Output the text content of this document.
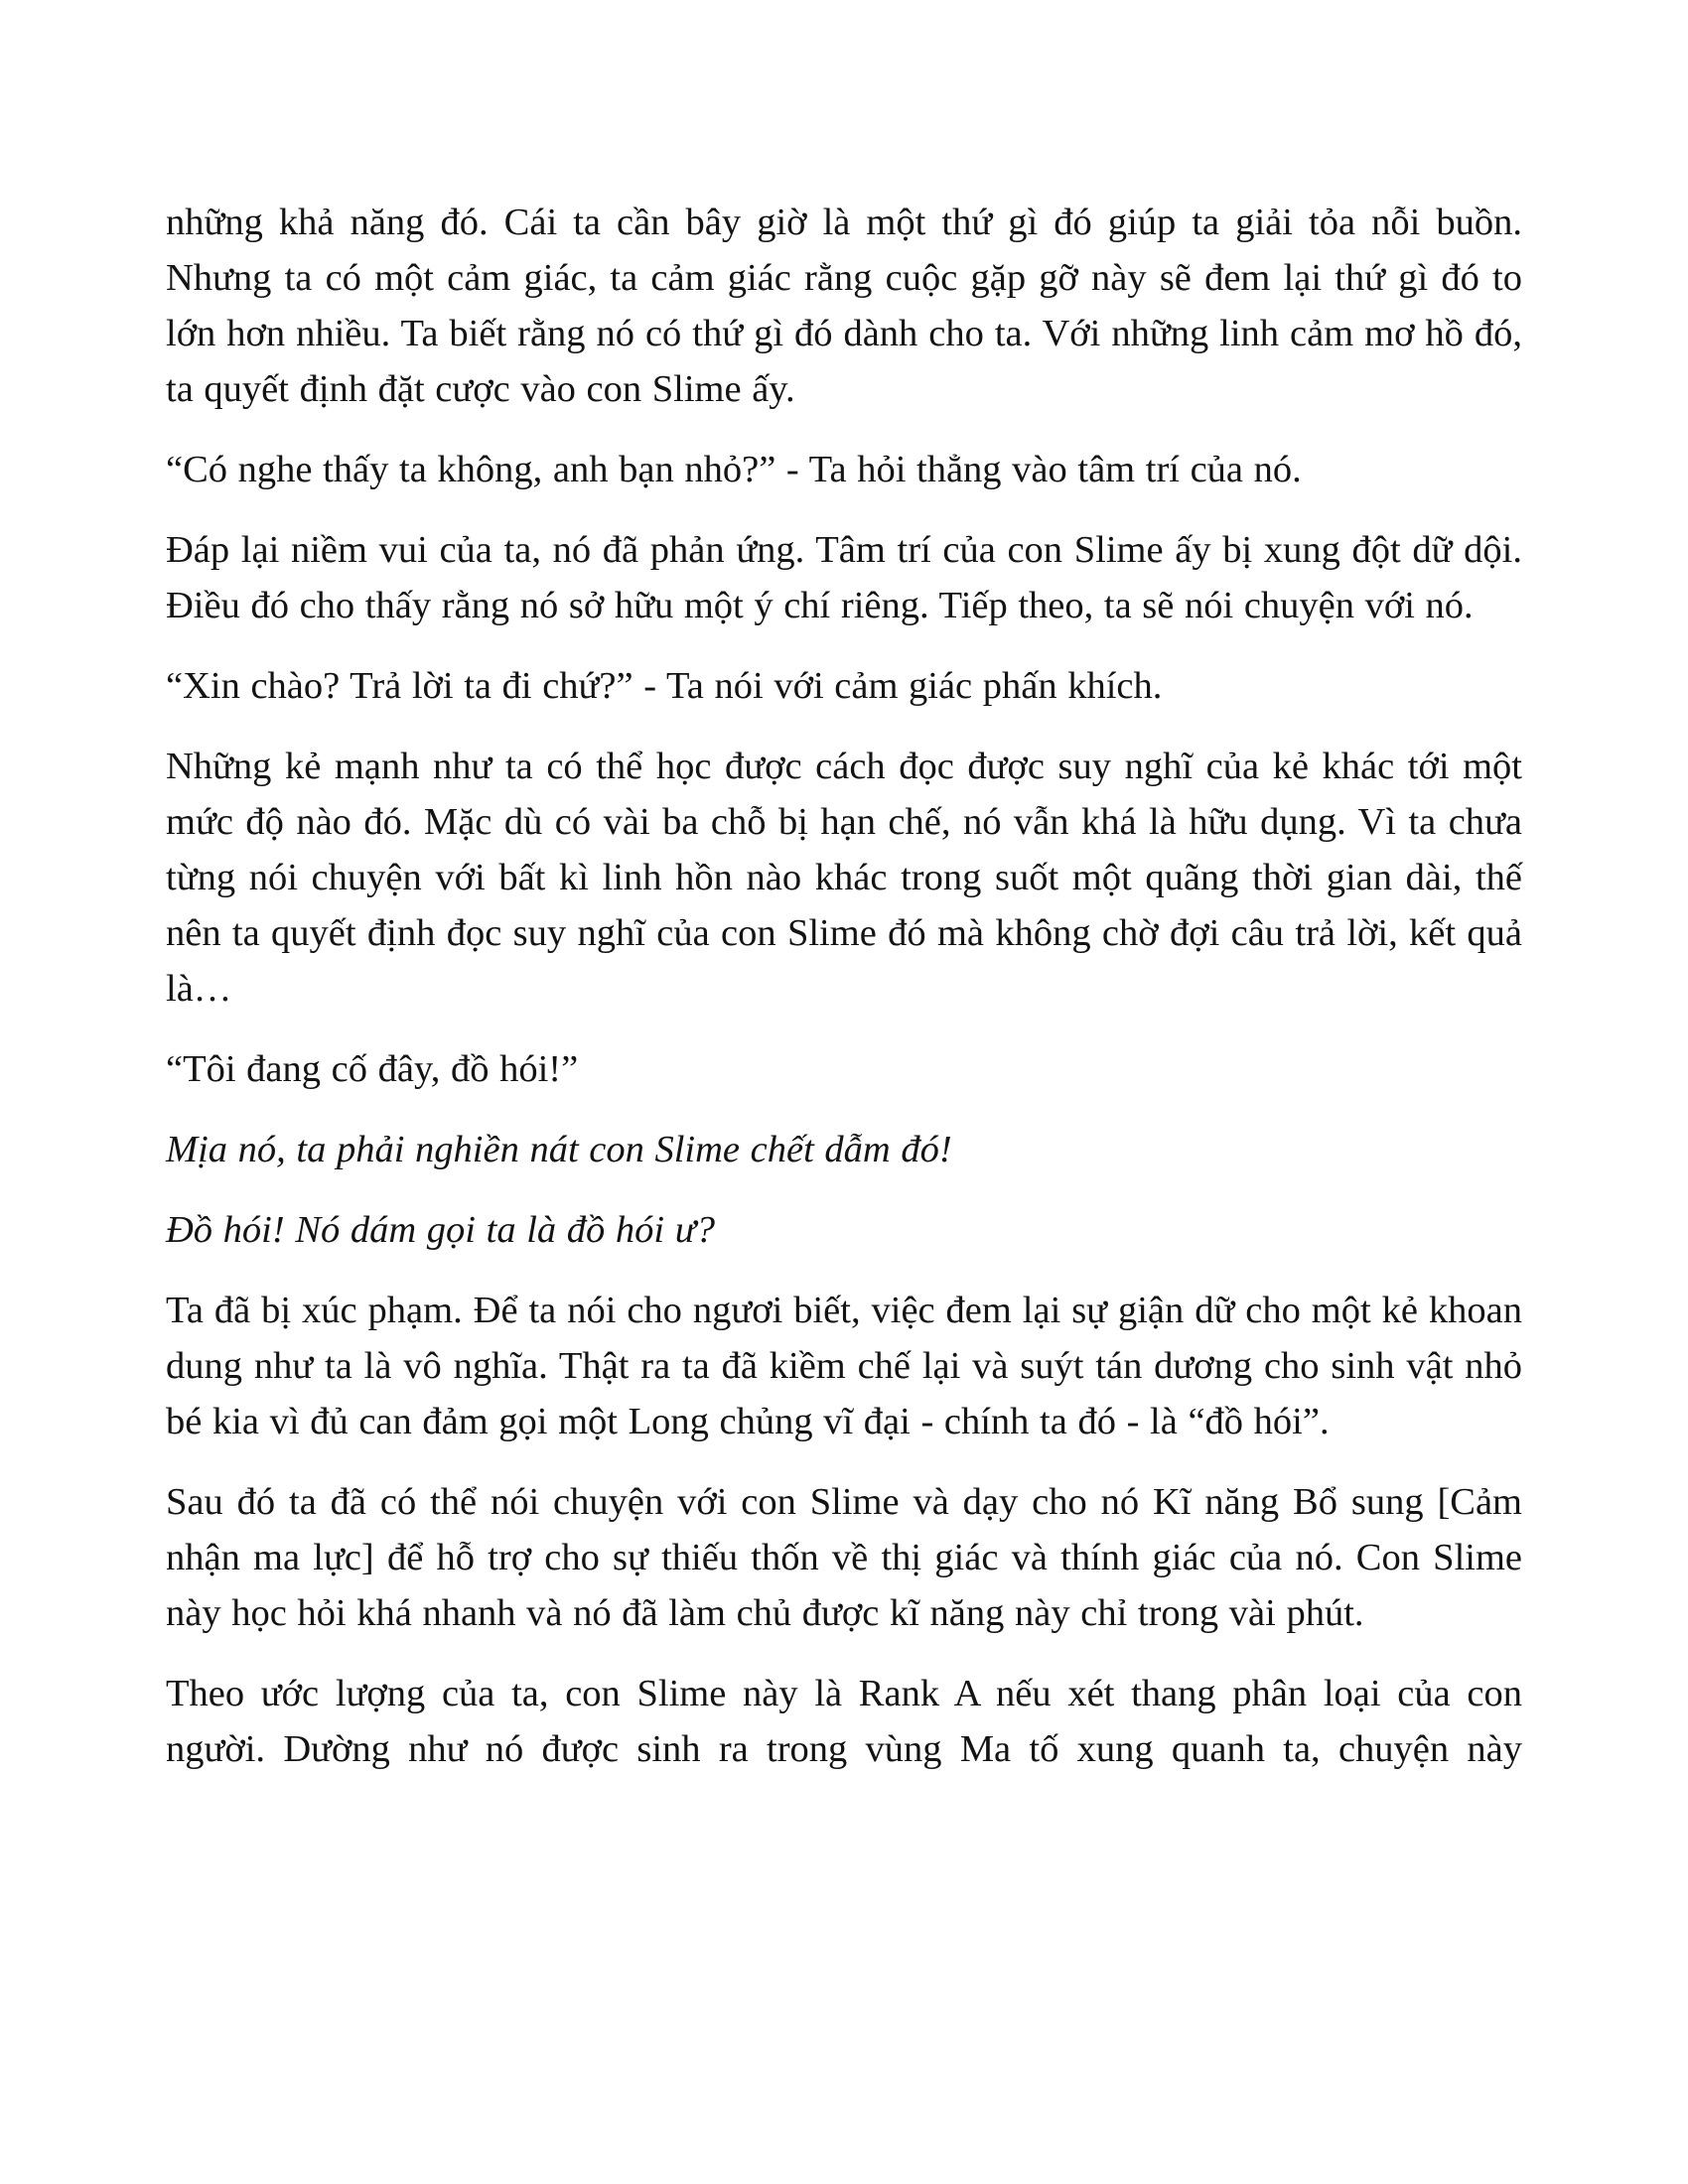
những khả năng đó. Cái ta cần bây giờ là một thứ gì đó giúp ta giải tỏa nỗi buồn. Nhưng ta có một cảm giác, ta cảm giác rằng cuộc gặp gỡ này sẽ đem lại thứ gì đó to lớn hơn nhiều. Ta biết rằng nó có thứ gì đó dành cho ta. Với những linh cảm mơ hồ đó, ta quyết định đặt cược vào con Slime ấy.

“Có nghe thấy ta không, anh bạn nhỏ?” - Ta hỏi thẳng vào tâm trí của nó.

Đáp lại niềm vui của ta, nó đã phản ứng. Tâm trí của con Slime ấy bị xung đột dữ dội. Điều đó cho thấy rằng nó sở hữu một ý chí riêng. Tiếp theo, ta sẽ nói chuyện với nó.

“Xin chào? Trả lời ta đi chứ?” - Ta nói với cảm giác phấn khích.

Những kẻ mạnh như ta có thể học được cách đọc được suy nghĩ của kẻ khác tới một mức độ nào đó. Mặc dù có vài ba chỗ bị hạn chế, nó vẫn khá là hữu dụng. Vì ta chưa từng nói chuyện với bất kì linh hồn nào khác trong suốt một quãng thời gian dài, thế nên ta quyết định đọc suy nghĩ của con Slime đó mà không chờ đợi câu trả lời, kết quả là…

“Tôi đang cố đây, đồ hói!”

Mịa nó, ta phải nghiền nát con Slime chết dẫm đó!

Đồ hói! Nó dám gọi ta là đồ hói ư?

Ta đã bị xúc phạm. Để ta nói cho ngươi biết, việc đem lại sự giận dữ cho một kẻ khoan dung như ta là vô nghĩa. Thật ra ta đã kiềm chế lại và suýt tán dương cho sinh vật nhỏ bé kia vì đủ can đảm gọi một Long chủng vĩ đại - chính ta đó - là “đồ hói”.

Sau đó ta đã có thể nói chuyện với con Slime và dạy cho nó Kĩ năng Bổ sung [Cảm nhận ma lực] để hỗ trợ cho sự thiếu thốn về thị giác và thính giác của nó. Con Slime này học hỏi khá nhanh và nó đã làm chủ được kĩ năng này chỉ trong vài phút.

Theo ước lượng của ta, con Slime này là Rank A nếu xét thang phân loại của con người. Dường như nó được sinh ra trong vùng Ma tố xung quanh ta, chuyện này
